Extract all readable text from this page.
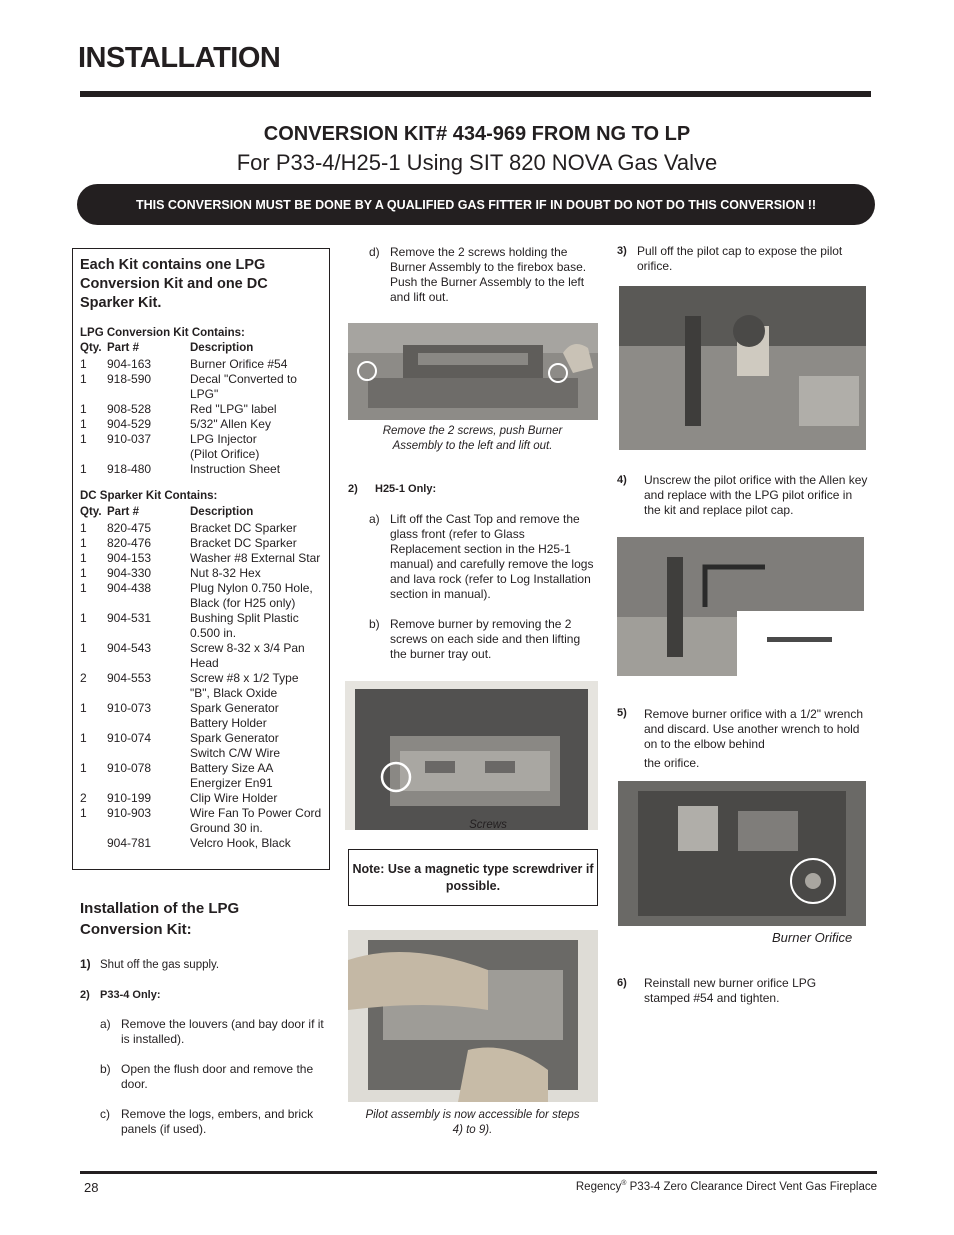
INSTALLATION
CONVERSION KIT# 434-969 FROM NG TO LP
For P33-4/H25-1 Using SIT 820 NOVA Gas Valve
THIS CONVERSION MUST BE DONE BY A QUALIFIED GAS FITTER IF IN DOUBT DO NOT DO THIS CONVERSION !!
Each Kit contains one LPG Conversion Kit and one DC Sparker Kit.
LPG Conversion Kit Contains:
Qty. Part #	Description
1 904-163	Burner Orifice #54
1 918-590	Decal "Converted to
LPG"
1 908-528	Red "LPG" label
1 904-529	5/32" Allen Key
1 910-037	LPG Injector
(Pilot Orifice)
1 918-480	Instruction Sheet
DC Sparker Kit Contains:
Qty. Part #	Description
1 820-475	Bracket DC Sparker
1 820-476	Bracket DC Sparker
1 904-153	Washer #8 External Star
1 904-330	Nut 8-32 Hex
1 904-438	Plug Nylon 0.750 Hole,
Black (for H25 only)
1 904-531	Bushing Split Plastic
0.500 in.
1 904-543	Screw 8-32 x 3/4 Pan
Head
2 904-553	Screw #8 x 1/2 Type
"B", Black Oxide
1 910-073	Spark Generator
Battery Holder
1 910-074	Spark Generator
Switch C/W Wire
1 910-078	Battery Size AA
Energizer En91
2 910-199	Clip Wire Holder
1 910-903	Wire Fan To Power Cord
Ground 30 in.
904-781	Velcro Hook, Black
Installation of the LPG Conversion Kit:
1) Shut off the gas supply.
2) P33-4 Only:
a) Remove the louvers (and bay door if it is installed).
b) Open the flush door and remove the door.
c) Remove the logs, embers, and brick panels (if used).
d) Remove the 2 screws holding the Burner Assembly to the firebox base. Push the Burner Assembly to the left and lift out.
Remove the 2 screws, push Burner Assembly to the left and lift out.
2) H25-1 Only:
a) Lift off the Cast Top and remove the glass front (refer to Glass Replacement section in the H25-1 manual) and carefully remove the logs and lava rock (refer to Log Installation section in manual).
b) Remove burner by removing the 2 screws on each side and then lifting the burner tray out.
Screws
Note: Use a magnetic type screwdriver if possible.
Pilot assembly is now accessible for steps 4) to 9).
3) Pull off the pilot cap to expose the pilot orifice.
4) Unscrew the pilot orifice with the Allen key and replace with the LPG pilot orifice in the kit and replace pilot cap.
5) Remove burner orifice with a 1/2" wrench and discard. Use another wrench to hold on to the elbow behind
the orifice.
Burner Orifice
6) Reinstall new burner orifice LPG stamped #54 and tighten.
28	Regency® P33-4 Zero Clearance Direct Vent Gas Fireplace
